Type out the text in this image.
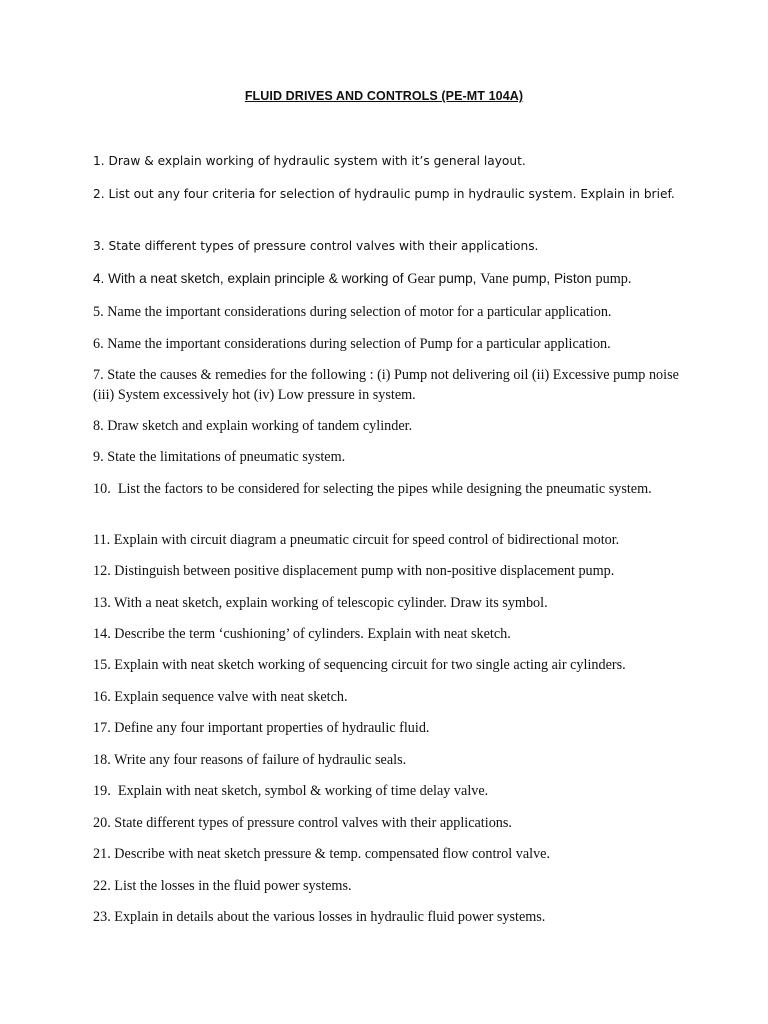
FLUID DRIVES AND CONTROLS (PE-MT 104A)

1. Draw & explain working of hydraulic system with it’s general layout.

2. List out any four criteria for selection of hydraulic pump in hydraulic system. Explain in brief.

3. State different types of pressure control valves with their applications.

4. With a neat sketch, explain principle & working of Gear pump, Vane pump, Piston pump.

5. Name the important considerations during selection of motor for a particular application.

6. Name the important considerations during selection of Pump for a particular application.

7. State the causes & remedies for the following : (i) Pump not delivering oil (ii) Excessive pump noise (iii) System excessively hot (iv) Low pressure in system.

8. Draw sketch and explain working of tandem cylinder.

9. State the limitations of pneumatic system.

10.  List the factors to be considered for selecting the pipes while designing the pneumatic system.

11. Explain with circuit diagram a pneumatic circuit for speed control of bidirectional motor.

12. Distinguish between positive displacement pump with non-positive displacement pump.

13. With a neat sketch, explain working of telescopic cylinder. Draw its symbol.

14. Describe the term ‘cushioning’ of cylinders. Explain with neat sketch.

15. Explain with neat sketch working of sequencing circuit for two single acting air cylinders.

16. Explain sequence valve with neat sketch.

17. Define any four important properties of hydraulic fluid.

18. Write any four reasons of failure of hydraulic seals.

19.  Explain with neat sketch, symbol & working of time delay valve.

20. State different types of pressure control valves with their applications.

21. Describe with neat sketch pressure & temp. compensated flow control valve.

22. List the losses in the fluid power systems.

23. Explain in details about the various losses in hydraulic fluid power systems.
